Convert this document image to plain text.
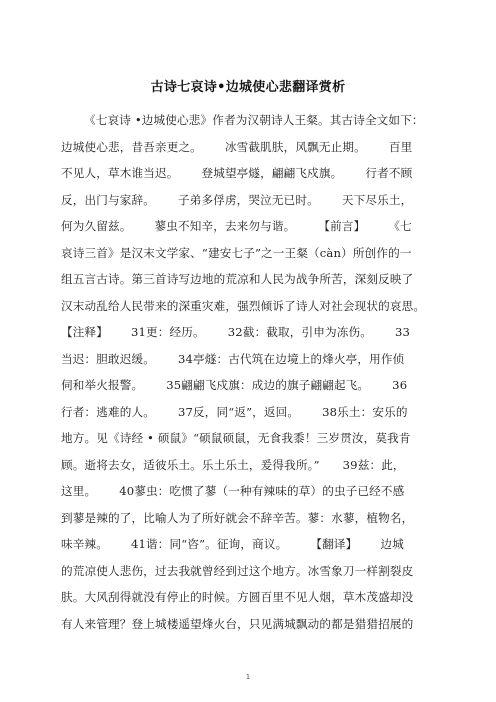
古诗七哀诗•边城使心悲翻译赏析
《七哀诗 •边城使心悲》作者为汉朝诗人王粲。其古诗全文如下：
边城使心悲，昔吾亲更之。      冰雪截肌肤，风飘无止期。      百里
不见人，草木谁当迟。      登城望亭燧，翩翩飞戍旗。      行者不顾
反，出门与家辞。      子弟多俘虏，哭泣无已时。      天下尽乐土，
何为久留兹。      蓼虫不知辛，去来勿与谐。      【前言】      《七
哀诗三首》是汉末文学家、“建安七子”之一王粲（càn）所创作的一
组五言古诗。第三首诗写边地的荒凉和人民为战争所苦，深刻反映了
汉末动乱给人民带来的深重灾难，强烈倾诉了诗人对社会现状的哀思。
【注释】      31更：经历。      32截：截取，引申为冻伤。      33
当迟：胆敢迟缓。      34亭燧：古代筑在边境上的烽火亭，用作侦
伺和举火报警。      35翩翩飞戍旗：成边的旗子翩翩起飞。      36
行者：逃难的人。      37反，同“返”，返回。      38乐土：安乐的
地方。见《诗经 • 硕鼠》“硕鼠硕鼠，无食我黍！三岁贯汝，莫我肯
顾。逝将去女，适彼乐土。乐土乐土，爰得我所。”      39兹：此，
这里。      40蓼虫：吃惯了蓼（一种有辣味的草）的虫子已经不感
到蓼是辣的了，比喻人为了所好就会不辞辛苦。蓼：水蓼，植物名，
味辛辣。      41谐：同“咨”。征询，商议。      【翻译】      边城
的荒凉使人悲伤，过去我就曾经到过这个地方。冰雪象刀一样割裂皮
肤。大风刮得就没有停止的时候。方圆百里不见人烟，草木茂盛却没
有人来管理？登上城楼遥望烽火台，只见满城飘动的都是猎猎招展的
1
